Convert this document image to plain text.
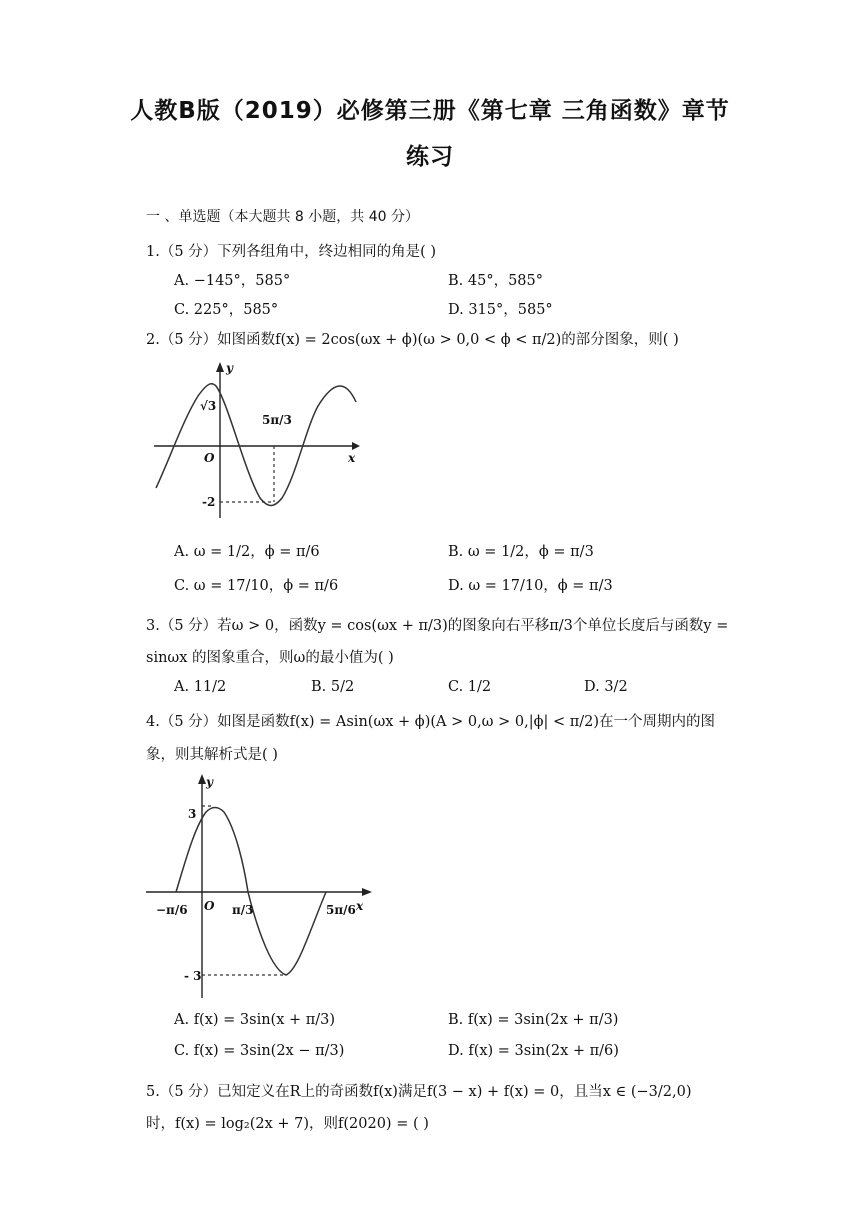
人教B版（2019）必修第三册《第七章 三角函数》章节
练习
一 、单选题（本大题共 8 小题，共 40 分）
1.（5 分）下列各组角中，终边相同的角是( )
A. −145°，585°	B. 45°，585°
C. 225°，585°	D. 315°，585°
2.（5 分）如图函数f(x) = 2cos(ωx + ϕ)(ω > 0,0 < ϕ < π/2)的部分图象，则( )
y
x
O
√3
-2
5π/3
A. ω = 1/2，ϕ = π/6	B. ω = 1/2，ϕ = π/3
C. ω = 17/10，ϕ = π/6	D. ω = 17/10，ϕ = π/3
3.（5 分）若ω > 0，函数y = cos(ωx + π/3)的图象向右平移π/3个单位长度后与函数y =
sinωx 的图象重合，则ω的最小值为( )
A. 11/2	B. 5/2	C. 1/2	D. 3/2
4.（5 分）如图是函数f(x) = Asin(ωx + ϕ)(A > 0,ω > 0,|ϕ| < π/2)在一个周期内的图
象，则其解析式是( )
y
x
O
3
- 3
−π/6	π/3	5π/6
A. f(x) = 3sin(x + π/3)	B. f(x) = 3sin(2x + π/3)
C. f(x) = 3sin(2x − π/3)	D. f(x) = 3sin(2x + π/6)
5.（5 分）已知定义在R上的奇函数f(x)满足f(3 − x) + f(x) = 0，且当x ∈ (−3/2,0)
时，f(x) = log₂(2x + 7)，则f(2020) = ( )
